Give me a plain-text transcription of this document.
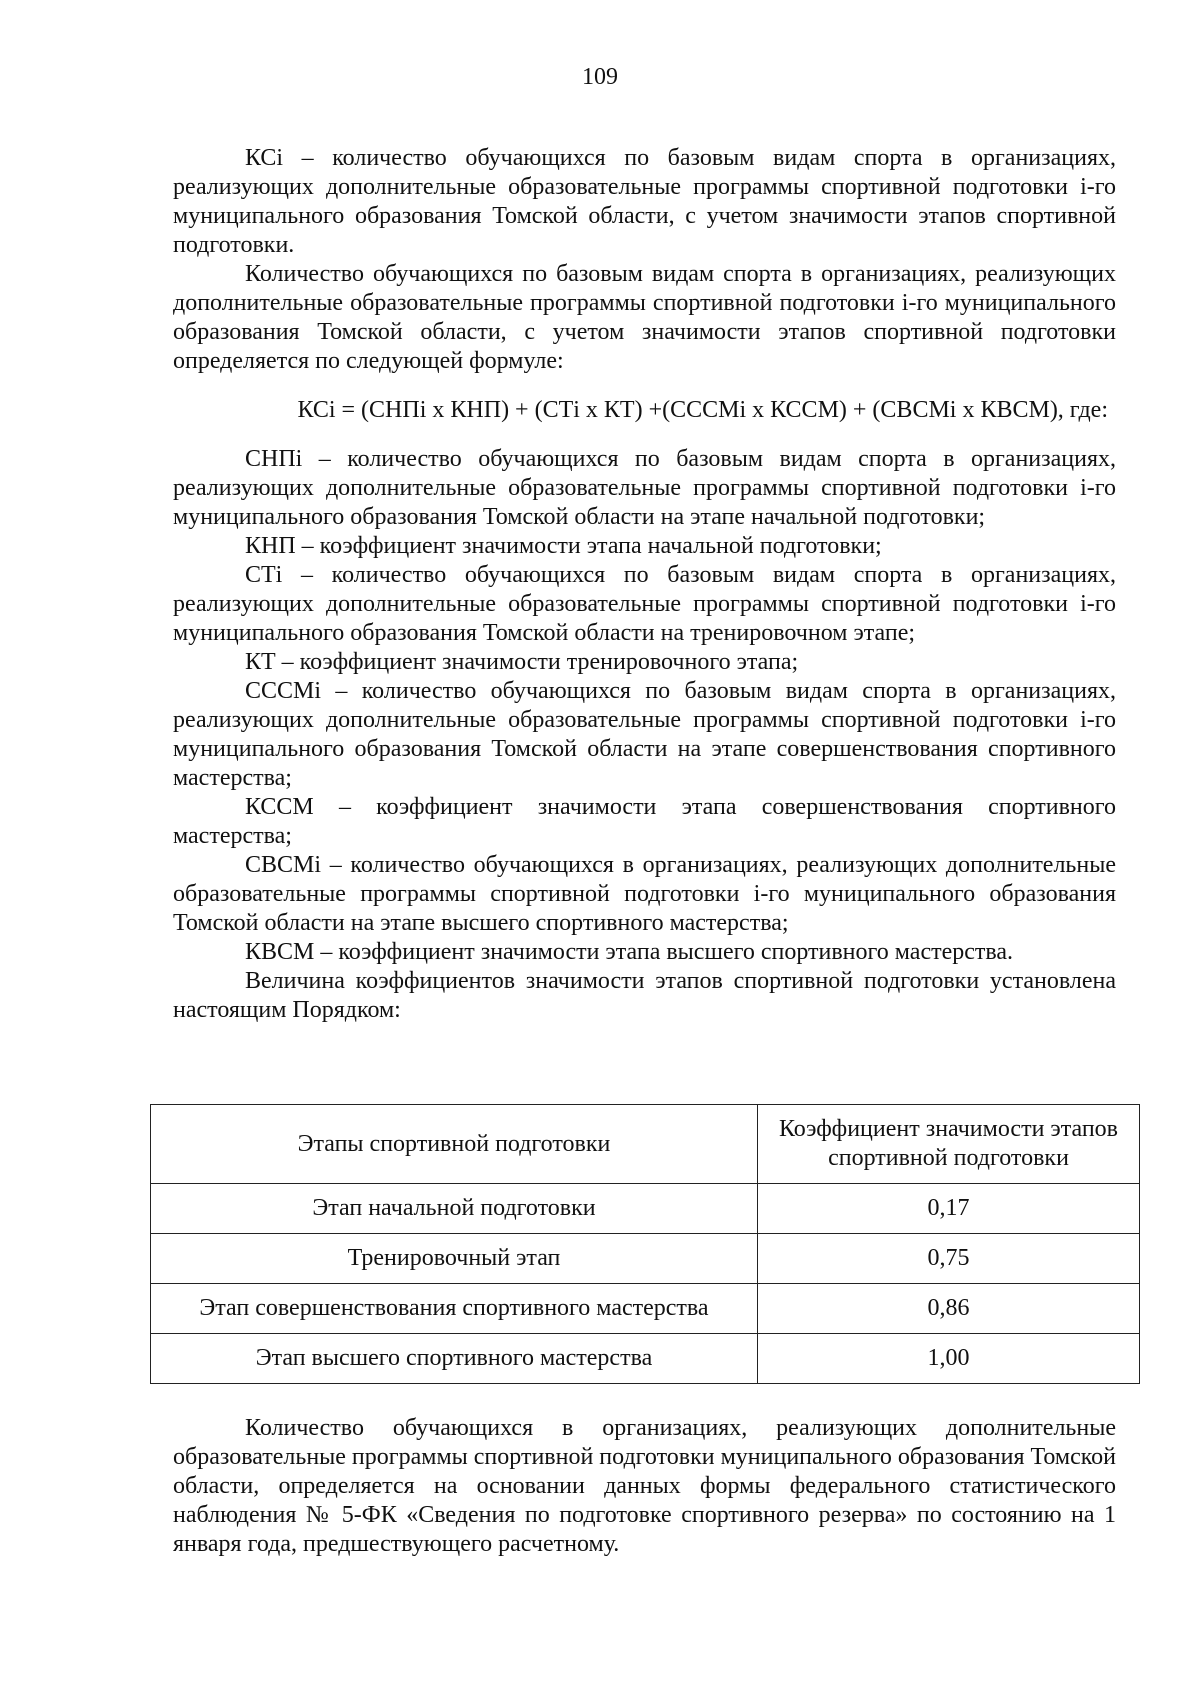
109

КСi – количество обучающихся по базовым видам спорта в организациях, реализующих дополнительные образовательные программы спортивной подготовки i-го муниципального образования Томской области, с учетом значимости этапов спортивной подготовки.

Количество обучающихся по базовым видам спорта в организациях, реализующих дополнительные образовательные программы спортивной подготовки i-го муниципального образования Томской области, с учетом значимости этапов спортивной подготовки определяется по следующей формуле:

КСi = (СНПi х КНП) + (СТi х КТ) +(СССМi х КССМ) + (СВСМi х КВСМ), где:

СНПi – количество обучающихся по базовым видам спорта в организациях, реализующих дополнительные образовательные программы спортивной подготовки i-го муниципального образования Томской области на этапе начальной подготовки;

КНП – коэффициент значимости этапа начальной подготовки;

СТi – количество обучающихся по базовым видам спорта в организациях, реализующих дополнительные образовательные программы спортивной подготовки i-го муниципального образования Томской области на тренировочном этапе;

КТ – коэффициент значимости тренировочного этапа;

СССМi – количество обучающихся по базовым видам спорта в организациях, реализующих дополнительные образовательные программы спортивной подготовки i-го муниципального образования Томской области на этапе совершенствования спортивного мастерства;

КССМ – коэффициент значимости этапа совершенствования спортивного мастерства;

СВСМi – количество обучающихся в организациях, реализующих дополнительные образовательные программы спортивной подготовки i-го муниципального образования Томской области на этапе высшего спортивного мастерства;

КВСМ – коэффициент значимости этапа высшего спортивного мастерства.

Величина коэффициентов значимости этапов спортивной подготовки установлена настоящим Порядком:

Этапы спортивной подготовки	Коэффициент значимости этапов спортивной подготовки
Этап начальной подготовки	0,17
Тренировочный этап	0,75
Этап совершенствования спортивного мастерства	0,86
Этап высшего спортивного мастерства	1,00

Количество обучающихся в организациях, реализующих дополнительные образовательные программы спортивной подготовки муниципального образования Томской области, определяется на основании данных формы федерального статистического наблюдения № 5-ФК «Сведения по подготовке спортивного резерва» по состоянию на 1 января года, предшествующего расчетному.
